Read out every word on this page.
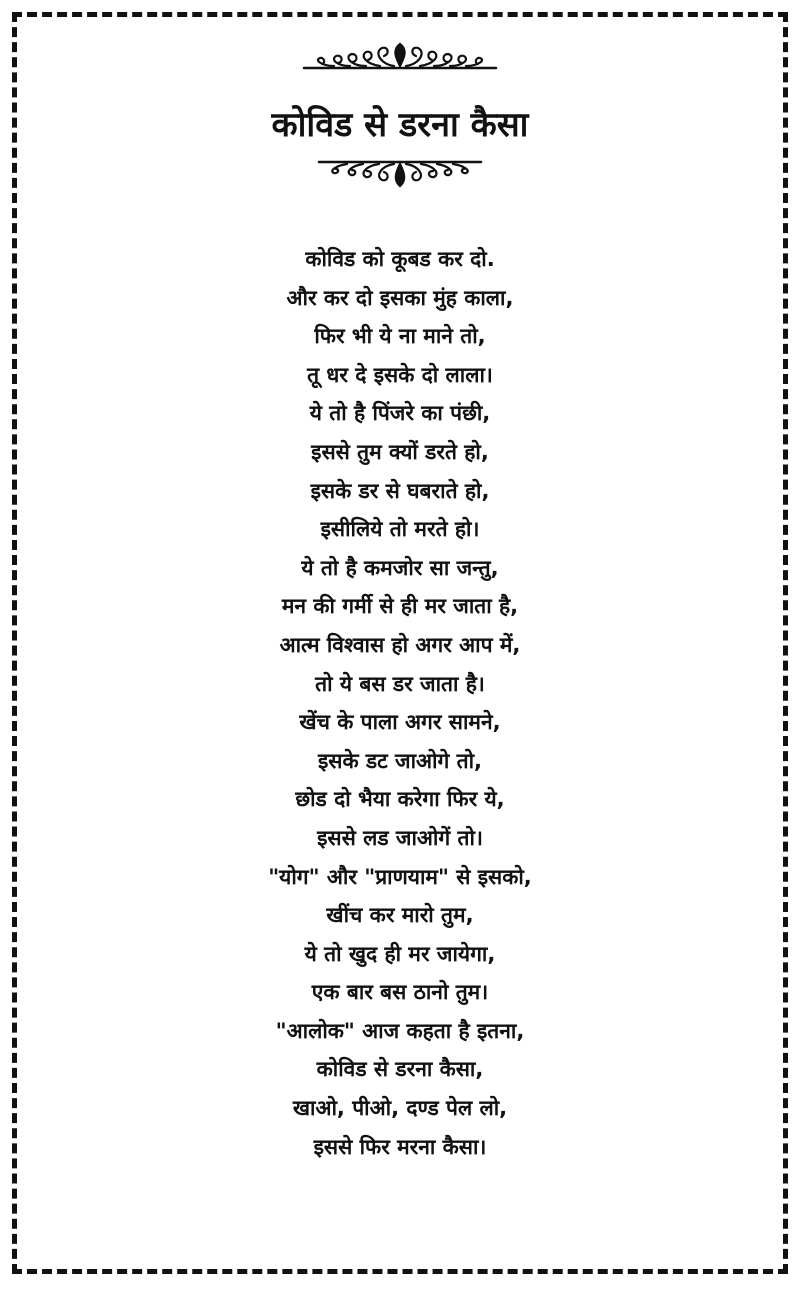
कोविड से डरना कैसा
कोविड को कूबड कर दो.
और कर दो इसका मुंह काला,
फिर भी ये ना माने तो,
तू धर दे इसके दो लाला।
ये तो है पिंजरे का पंछी,
इससे तुम क्यों डरते हो,
इसके डर से घबराते हो,
इसीलिये तो मरते हो।
ये तो है कमजोर सा जन्तु,
मन की गर्मी से ही मर जाता है,
आत्म विश्वास हो अगर आप में,
तो ये बस डर जाता है।
खेंच के पाला अगर सामने,
इसके डट जाओगे तो,
छोड दो भैया करेगा फिर ये,
इससे लड जाओगें तो।
"योग" और "प्राणयाम" से इसको,
खींच कर मारो तुम,
ये तो खुद ही मर जायेगा,
एक बार बस ठानो तुम।
"आलोक" आज कहता है इतना,
कोविड से डरना कैसा,
खाओ, पीओ, दण्ड पेल लो,
इससे फिर मरना कैसा।
